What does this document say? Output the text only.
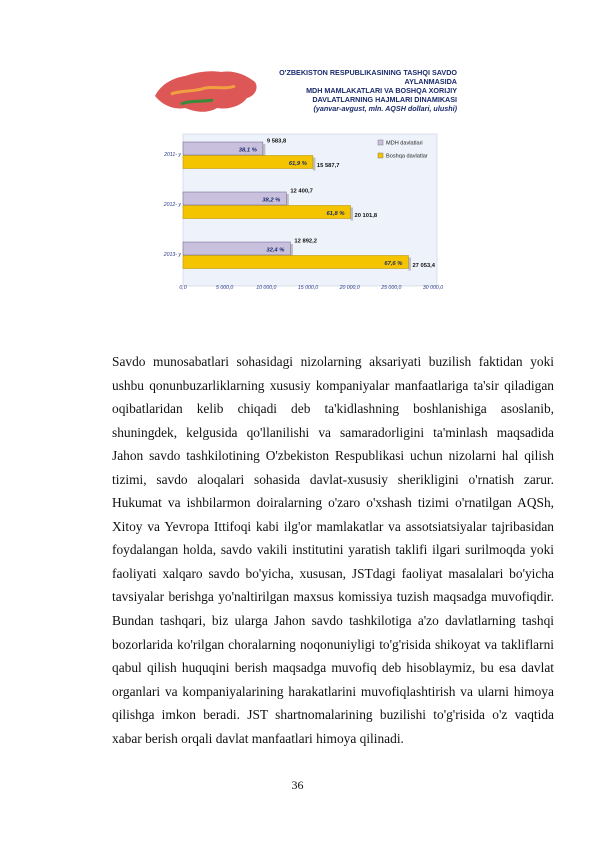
O'ZBEKISTON RESPUBLIKASINING TASHQI SAVDO AYLANMASIDA
MDH MAMLAKATLARI VA BOSHQA XORIJIY
DAVLATLARNING HAJMLARI DINAMIKASI
(yanvar-avgust, mln. AQSH dollari, ulushi)
0,0	5 000,0	10 000,0	15 000,0	20 000,0	25 000,0	30 000,0
2011- y
9 583,8
38,1 %
15 587,7
61,9 %
2012- y
12 400,7
38,2 %
20 101,8
61,8 %
2013- y
12 892,2
32,4 %
27 053,4
67,6 %
MDH davlatlari
Boshqa davlatlar

Savdo munosabatlari sohasidagi nizolarning aksariyati buzilish faktidan yoki ushbu qonunbuzarliklarning xususiy kompaniyalar manfaatlariga ta'sir qiladigan oqibatlaridan kelib chiqadi deb ta'kidlashning boshlanishiga asoslanib, shuningdek, kelgusida qo'llanilishi va samaradorligini ta'minlash maqsadida Jahon savdo tashkilotining O'zbekiston Respublikasi uchun nizolarni hal qilish tizimi, savdo aloqalari sohasida davlat-xususiy sherikligini o'rnatish zarur. Hukumat va ishbilarmon doiralarning o'zaro o'xshash tizimi o'rnatilgan AQSh, Xitoy va Yevropa Ittifoqi kabi ilg'or mamlakatlar va assotsiatsiyalar tajribasidan foydalangan holda, savdo vakili institutini yaratish taklifi ilgari surilmoqda yoki faoliyati xalqaro savdo bo'yicha, xususan, JSTdagi faoliyat masalalari bo'yicha tavsiyalar berishga yo'naltirilgan maxsus komissiya tuzish maqsadga muvofiqdir. Bundan tashqari, biz ularga Jahon savdo tashkilotiga a'zo davlatlarning tashqi bozorlarida ko'rilgan choralarning noqonuniyligi to'g'risida shikoyat va takliflarni qabul qilish huquqini berish maqsadga muvofiq deb hisoblaymiz, bu esa davlat organlari va kompaniyalarining harakatlarini muvofiqlashtirish va ularni himoya qilishga imkon beradi. JST shartnomalarining buzilishi to'g'risida o'z vaqtida xabar berish orqali davlat manfaatlari himoya qilinadi.

36
